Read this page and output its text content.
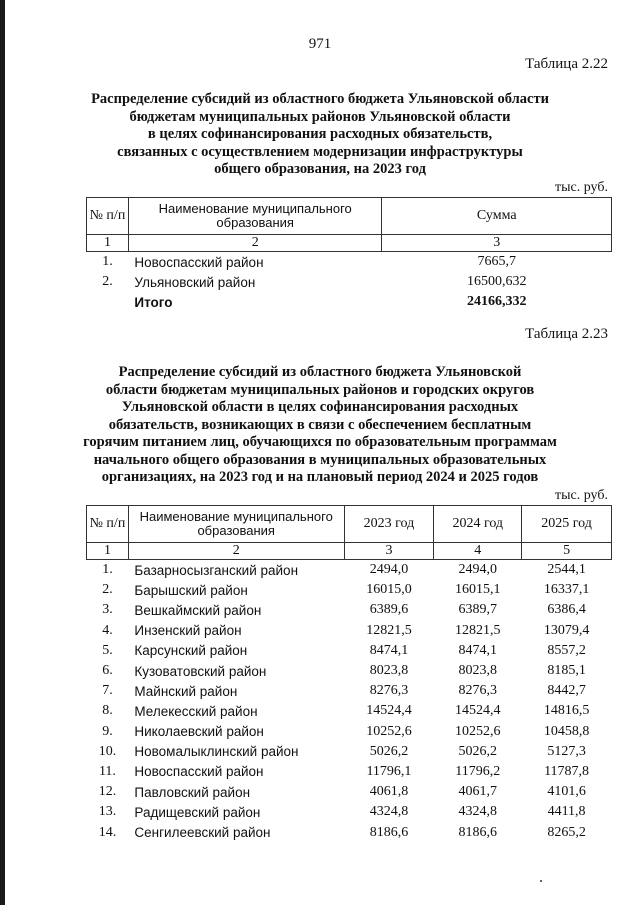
971
Таблица 2.22
Распределение субсидий из областного бюджета Ульяновской области
бюджетам муниципальных районов Ульяновской области
в целях софинансирования расходных обязательств,
связанных с осуществлением модернизации инфраструктуры
общего образования, на 2023 год
тыс. руб.
№ п/п	Наименование муниципального образования	Сумма
1	2	3
1.	Новоспасский район	7665,7
2.	Ульяновский район	16500,632
	Итого	24166,332
Таблица 2.23
Распределение субсидий из областного бюджета Ульяновской
области бюджетам муниципальных районов и городских округов
Ульяновской области в целях софинансирования расходных
обязательств, возникающих в связи с обеспечением бесплатным
горячим питанием лиц, обучающихся по образовательным программам
начального общего образования в муниципальных образовательных
организациях, на 2023 год и на плановый период 2024 и 2025 годов
тыс. руб.
№ п/п	Наименование муниципального образования	2023 год	2024 год	2025 год
1	2	3	4	5
1.	Базарносызганский район	2494,0	2494,0	2544,1
2.	Барышский район	16015,0	16015,1	16337,1
3.	Вешкаймский район	6389,6	6389,7	6386,4
4.	Инзенский район	12821,5	12821,5	13079,4
5.	Карсунский район	8474,1	8474,1	8557,2
6.	Кузоватовский район	8023,8	8023,8	8185,1
7.	Майнский район	8276,3	8276,3	8442,7
8.	Мелекесский район	14524,4	14524,4	14816,5
9.	Николаевский район	10252,6	10252,6	10458,8
10.	Новомалыклинский район	5026,2	5026,2	5127,3
11.	Новоспасский район	11796,1	11796,2	11787,8
12.	Павловский район	4061,8	4061,7	4101,6
13.	Радищевский район	4324,8	4324,8	4411,8
14.	Сенгилеевский район	8186,6	8186,6	8265,2
